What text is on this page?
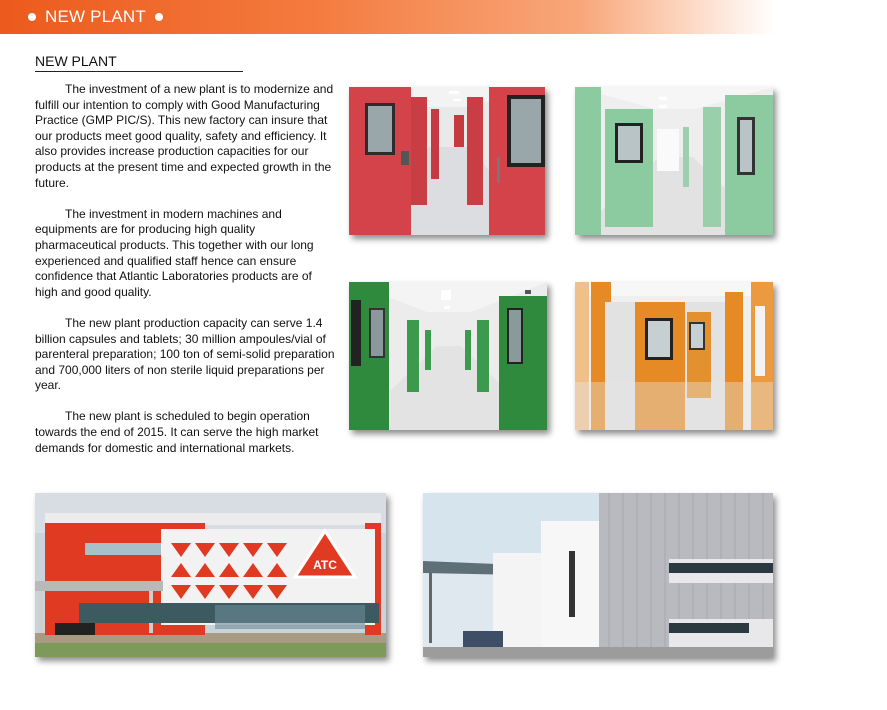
NEW PLANT
NEW PLANT

The investment of a new plant is to modernize and fulfill our intention to comply with Good Manufacturing Practice (GMP PIC/S). This new factory can insure that our products meet good quality, safety and efficiency. It also provides increase production capacities for our products at the present time and expected growth in the future.

The investment in modern machines and equipments are for producing high quality pharmaceutical products. This together with our long experienced and qualified staff hence can ensure confidence that Atlantic Laboratories products are of high and good quality.

The new plant production capacity can serve 1.4 billion capsules and tablets; 30 million ampoules/vial of parenteral preparation; 100 ton of semi-solid preparation and 700,000 liters of non sterile liquid preparations per year.

The new plant is scheduled to begin operation towards the end of 2015. It can serve the high market demands for domestic and international markets.

ATC
